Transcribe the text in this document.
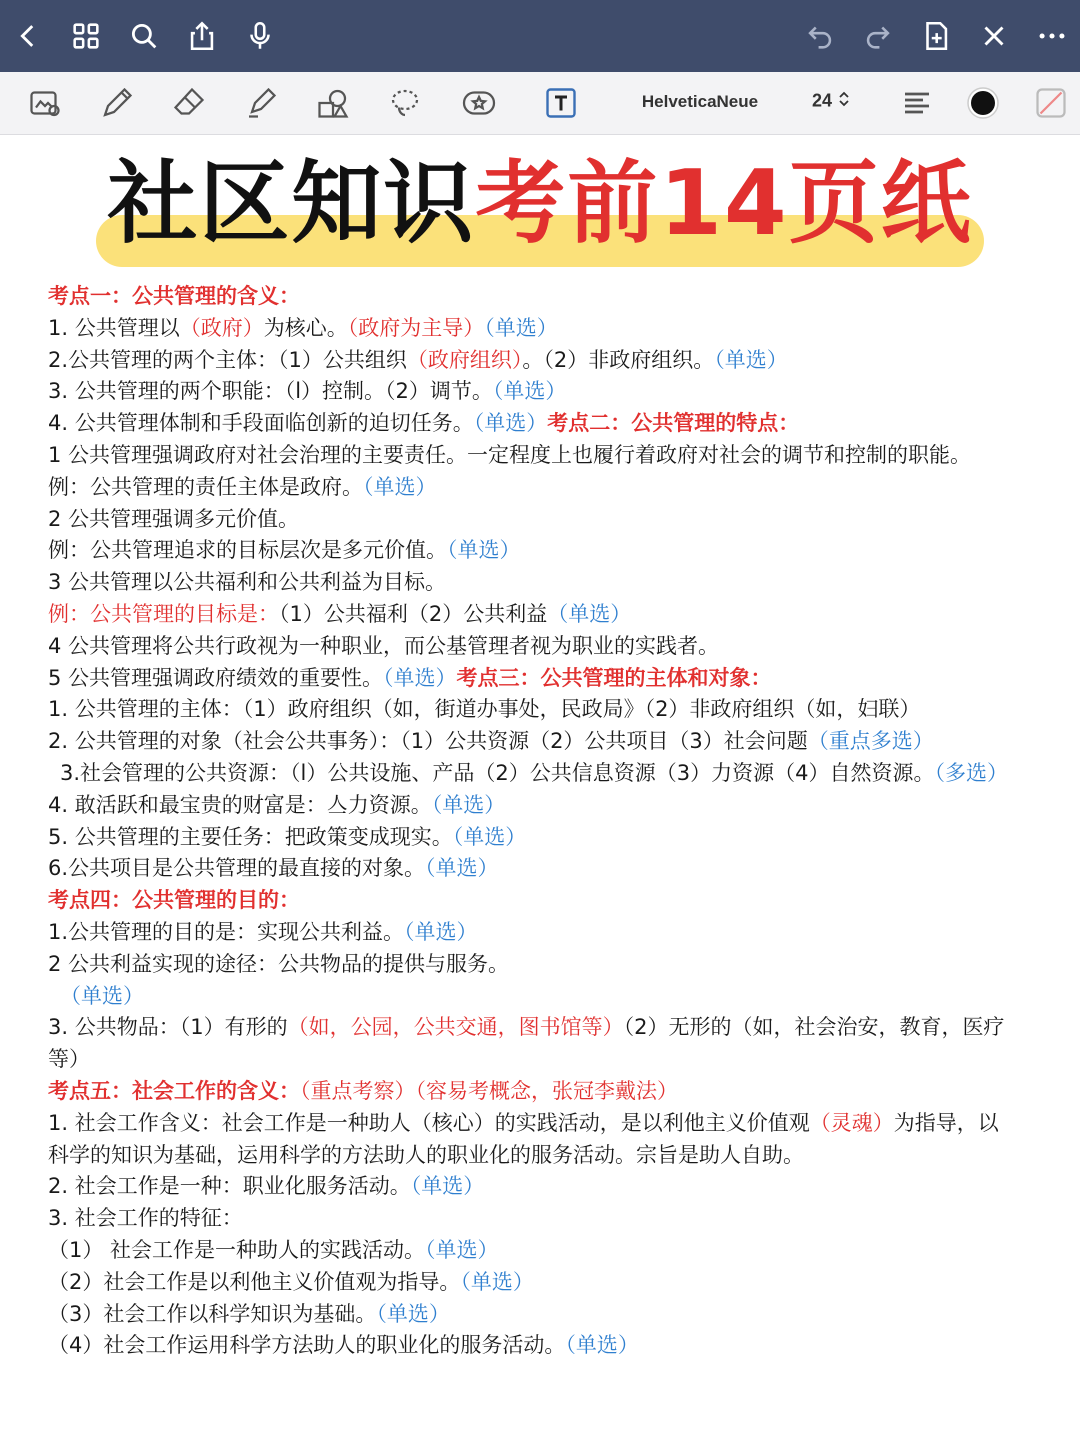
HelveticaNeue	24
社区知识考前14页纸
考点一：公共管理的含义：
1. 公共管理以（政府）为核心。（政府为主导）（单选）
2.公共管理的两个主体：（1）公共组织（政府组织）。（2）非政府组织。（单选）
3. 公共管理的两个职能：（l）控制。（2）调节。（单选）
4. 公共管理体制和手段面临创新的迫切任务。（单选）考点二：公共管理的特点：
1 公共管理强调政府对社会治理的主要责任。一定程度上也履行着政府对社会的调节和控制的职能。
例：公共管理的责任主体是政府。（单选）
2 公共管理强调多元价值。
例：公共管理追求的目标层次是多元价值。（单选）
3 公共管理以公共福利和公共利益为目标。
例：公共管理的目标是：（1）公共福利（2）公共利益（单选）
4 公共管理将公共行政视为一种职业，而公基管理者视为职业的实践者。
5 公共管理强调政府绩效的重要性。（单选）考点三：公共管理的主体和对象：
1. 公共管理的主体：（1）政府组织（如，街道办事处，民政局》（2）非政府组织（如，妇联）
2. 公共管理的对象（社会公共事务）：（1）公共资源（2）公共项目（3）社会问题（重点多选）
3.社会管理的公共资源：（l）公共设施、产品（2）公共信息资源（3）力资源（4）自然资源。（多选）
4. 敢活跃和最宝贵的财富是：亼力资源。（单选）
5. 公共管理的主要任务：把政策变成现实。（单选）
6.公共项目是公共管理的最直接的对象。（单选）
考点四：公共管理的目的：
1.公共管理的目的是：实现公共利益。（单选）
2 公共利益实现的途径：公共物品的提供与服务。
（单选）
3. 公共物品：（1）有形的（如，公园，公共交通，图书馆等）（2）无形的（如，社会治安，教育，医疗等）
考点五：社会工作的含义：（重点考察）（容易考概念，张冠李戴法）
1. 社会工作含义：社会工作是一种助人（核心）的实践活动，是以利他主义价值观（灵魂）为指导，以科学的知识为基础，运用科学的方法助人的职业化的服务活动。宗旨是助人自助。
2. 社会工作是一种：职业化服务活动。（单选）
3. 社会工作的特征：
（1） 社会工作是一种助人的实践活动。（单选）
（2）社会工作是以利他主义价值观为指导。（单选）
（3）社会工作以科学知识为基础。（单选）
（4）社会工作运用科学方法助人的职业化的服务活动。（单选）
